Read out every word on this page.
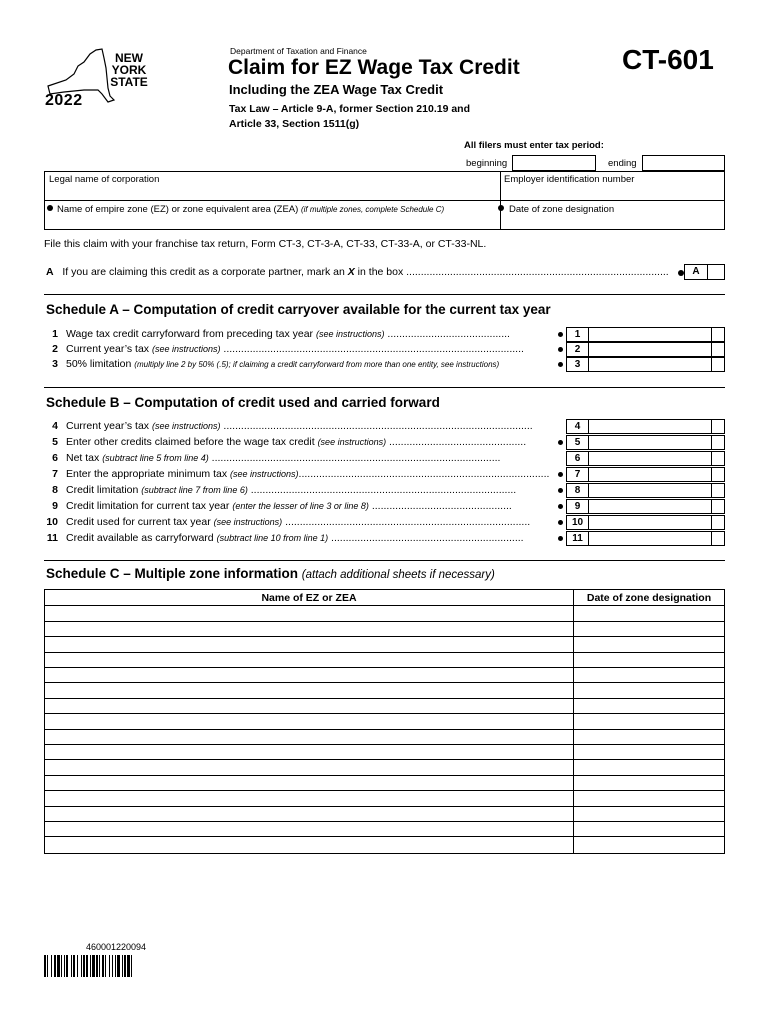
NEW
YORK
STATE
2022
Department of Taxation and Finance
Claim for EZ Wage Tax Credit
Including the ZEA Wage Tax Credit
Tax Law – Article 9-A, former Section 210.19 and
Article 33, Section 1511(g)
CT-601
All filers must enter tax period:
beginning	ending
Legal name of corporation	Employer identification number
Name of empire zone (EZ) or zone equivalent area (ZEA) (if multiple zones, complete Schedule C)	Date of zone designation
File this claim with your franchise tax return, Form CT-3, CT-3-A, CT-33, CT-33-A, or CT-33-NL.
A If you are claiming this credit as a corporate partner, mark an X in the box ..........................................................................................	A
Schedule A – Computation of credit carryover available for the current tax year
1 Wage tax credit carryforward from preceding tax year (see instructions) ..........................................	1
2 Current year’s tax (see instructions) .......................................................................................................	2
3 50% limitation (multiply line 2 by 50% (.5); if claiming a credit carryforward from more than one entity, see instructions)	3
Schedule B – Computation of credit used and carried forward
4 Current year’s tax (see instructions) ..........................................................................................................	4
5 Enter other credits claimed before the wage tax credit (see instructions) ...............................................	5
6 Net tax (subtract line 5 from line 4) ...................................................................................................	6
7 Enter the appropriate minimum tax (see instructions)......................................................................................	7
8 Credit limitation (subtract line 7 from line 6) ...........................................................................................	8
9 Credit limitation for current tax year (enter the lesser of line 3 or line 8) ................................................	9
10 Credit used for current tax year (see instructions) ....................................................................................	10
11 Credit available as carryforward (subtract line 10 from line 1) ..................................................................	11
Schedule C – Multiple zone information (attach additional sheets if necessary)
Name of EZ or ZEA	Date of zone designation
460001220094
